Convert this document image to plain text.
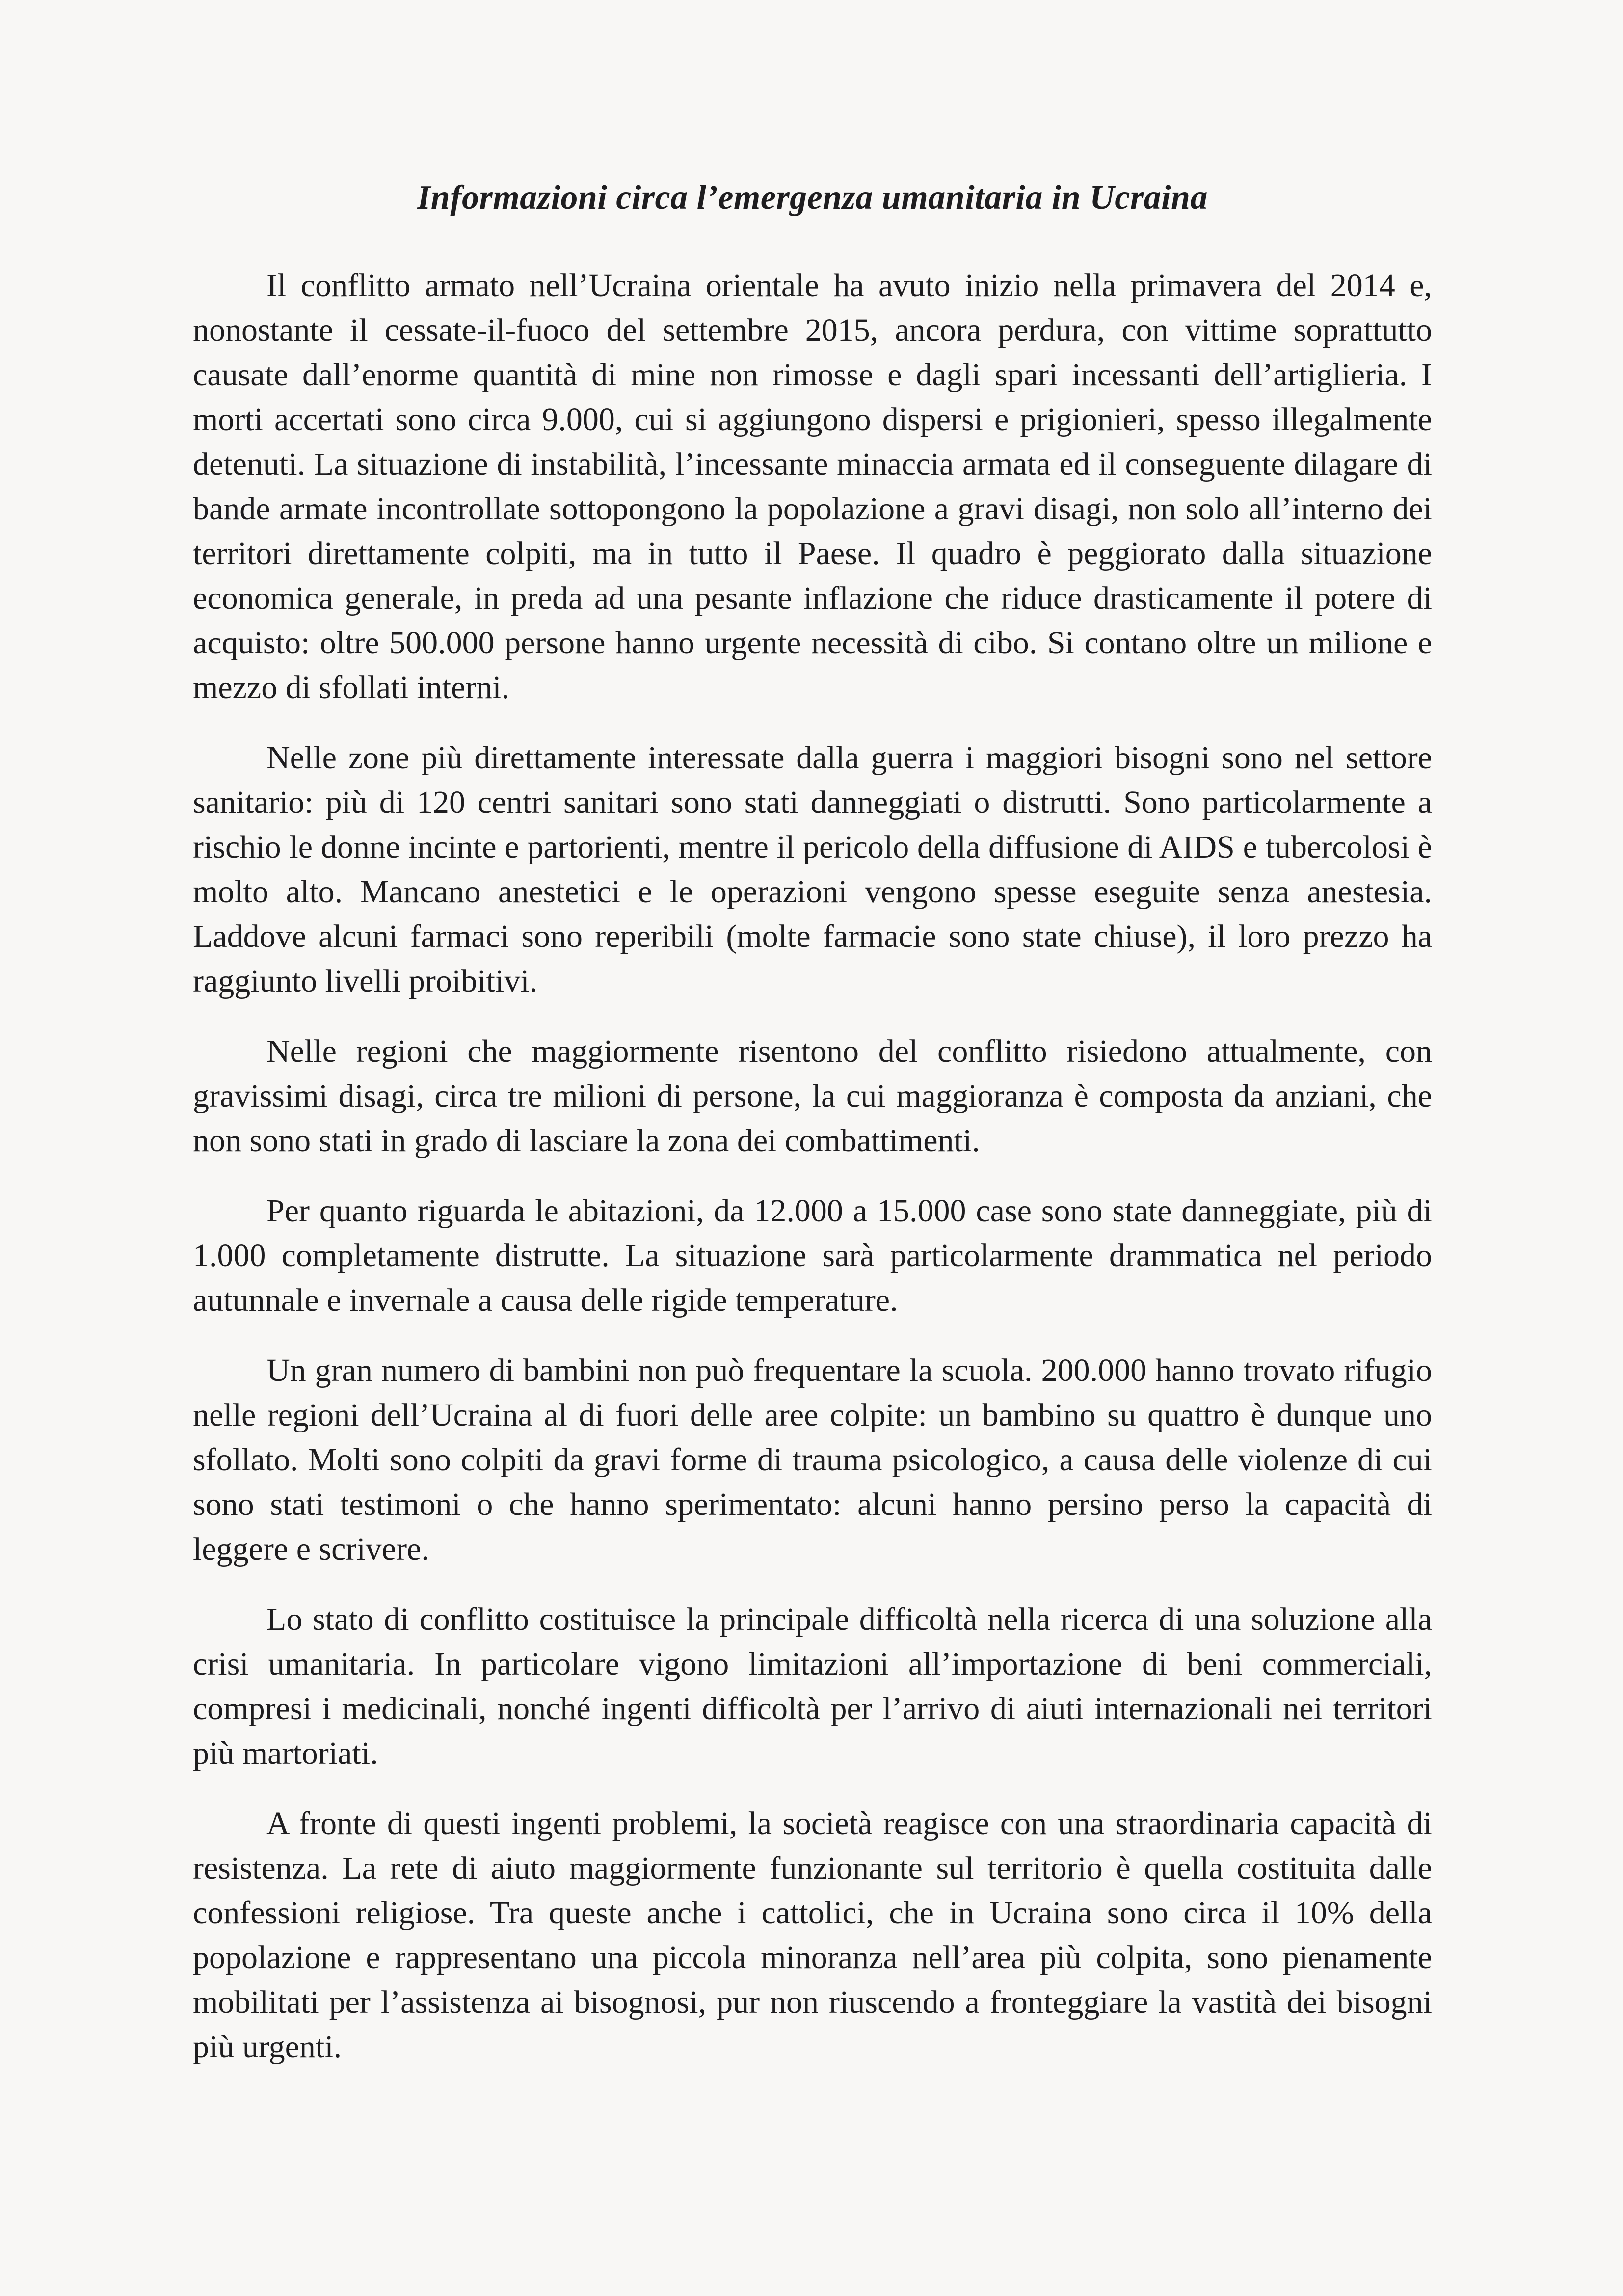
Informazioni circa l’emergenza umanitaria in Ucraina

Il conflitto armato nell’Ucraina orientale ha avuto inizio nella primavera del 2014 e, nonostante il cessate-il-fuoco del settembre 2015, ancora perdura, con vittime soprattutto causate dall’enorme quantità di mine non rimosse e dagli spari incessanti dell’artiglieria. I morti accertati sono circa 9.000, cui si aggiungono dispersi e prigionieri, spesso illegalmente detenuti. La situazione di instabilità, l’incessante minaccia armata ed il conseguente dilagare di bande armate incontrollate sottopongono la popolazione a gravi disagi, non solo all’interno dei territori direttamente colpiti, ma in tutto il Paese. Il quadro è peggiorato dalla situazione economica generale, in preda ad una pesante inflazione che riduce drasticamente il potere di acquisto: oltre 500.000 persone hanno urgente necessità di cibo. Si contano oltre un milione e mezzo di sfollati interni.

Nelle zone più direttamente interessate dalla guerra i maggiori bisogni sono nel settore sanitario: più di 120 centri sanitari sono stati danneggiati o distrutti. Sono particolarmente a rischio le donne incinte e partorienti, mentre il pericolo della diffusione di AIDS e tubercolosi è molto alto. Mancano anestetici e le operazioni vengono spesse eseguite senza anestesia. Laddove alcuni farmaci sono reperibili (molte farmacie sono state chiuse), il loro prezzo ha raggiunto livelli proibitivi.

Nelle regioni che maggiormente risentono del conflitto risiedono attualmente, con gravissimi disagi, circa tre milioni di persone, la cui maggioranza è composta da anziani, che non sono stati in grado di lasciare la zona dei combattimenti.

Per quanto riguarda le abitazioni, da 12.000 a 15.000 case sono state danneggiate, più di 1.000 completamente distrutte. La situazione sarà particolarmente drammatica nel periodo autunnale e invernale a causa delle rigide temperature.

Un gran numero di bambini non può frequentare la scuola. 200.000 hanno trovato rifugio nelle regioni dell’Ucraina al di fuori delle aree colpite: un bambino su quattro è dunque uno sfollato. Molti sono colpiti da gravi forme di trauma psicologico, a causa delle violenze di cui sono stati testimoni o che hanno sperimentato: alcuni hanno persino perso la capacità di leggere e scrivere.

Lo stato di conflitto costituisce la principale difficoltà nella ricerca di una soluzione alla crisi umanitaria. In particolare vigono limitazioni all’importazione di beni commerciali, compresi i medicinali, nonché ingenti difficoltà per l’arrivo di aiuti internazionali nei territori più martoriati.

A fronte di questi ingenti problemi, la società reagisce con una straordinaria capacità di resistenza. La rete di aiuto maggiormente funzionante sul territorio è quella costituita dalle confessioni religiose. Tra queste anche i cattolici, che in Ucraina sono circa il 10% della popolazione e rappresentano una piccola minoranza nell’area più colpita, sono pienamente mobilitati per l’assistenza ai bisognosi, pur non riuscendo a fronteggiare la vastità dei bisogni più urgenti.
